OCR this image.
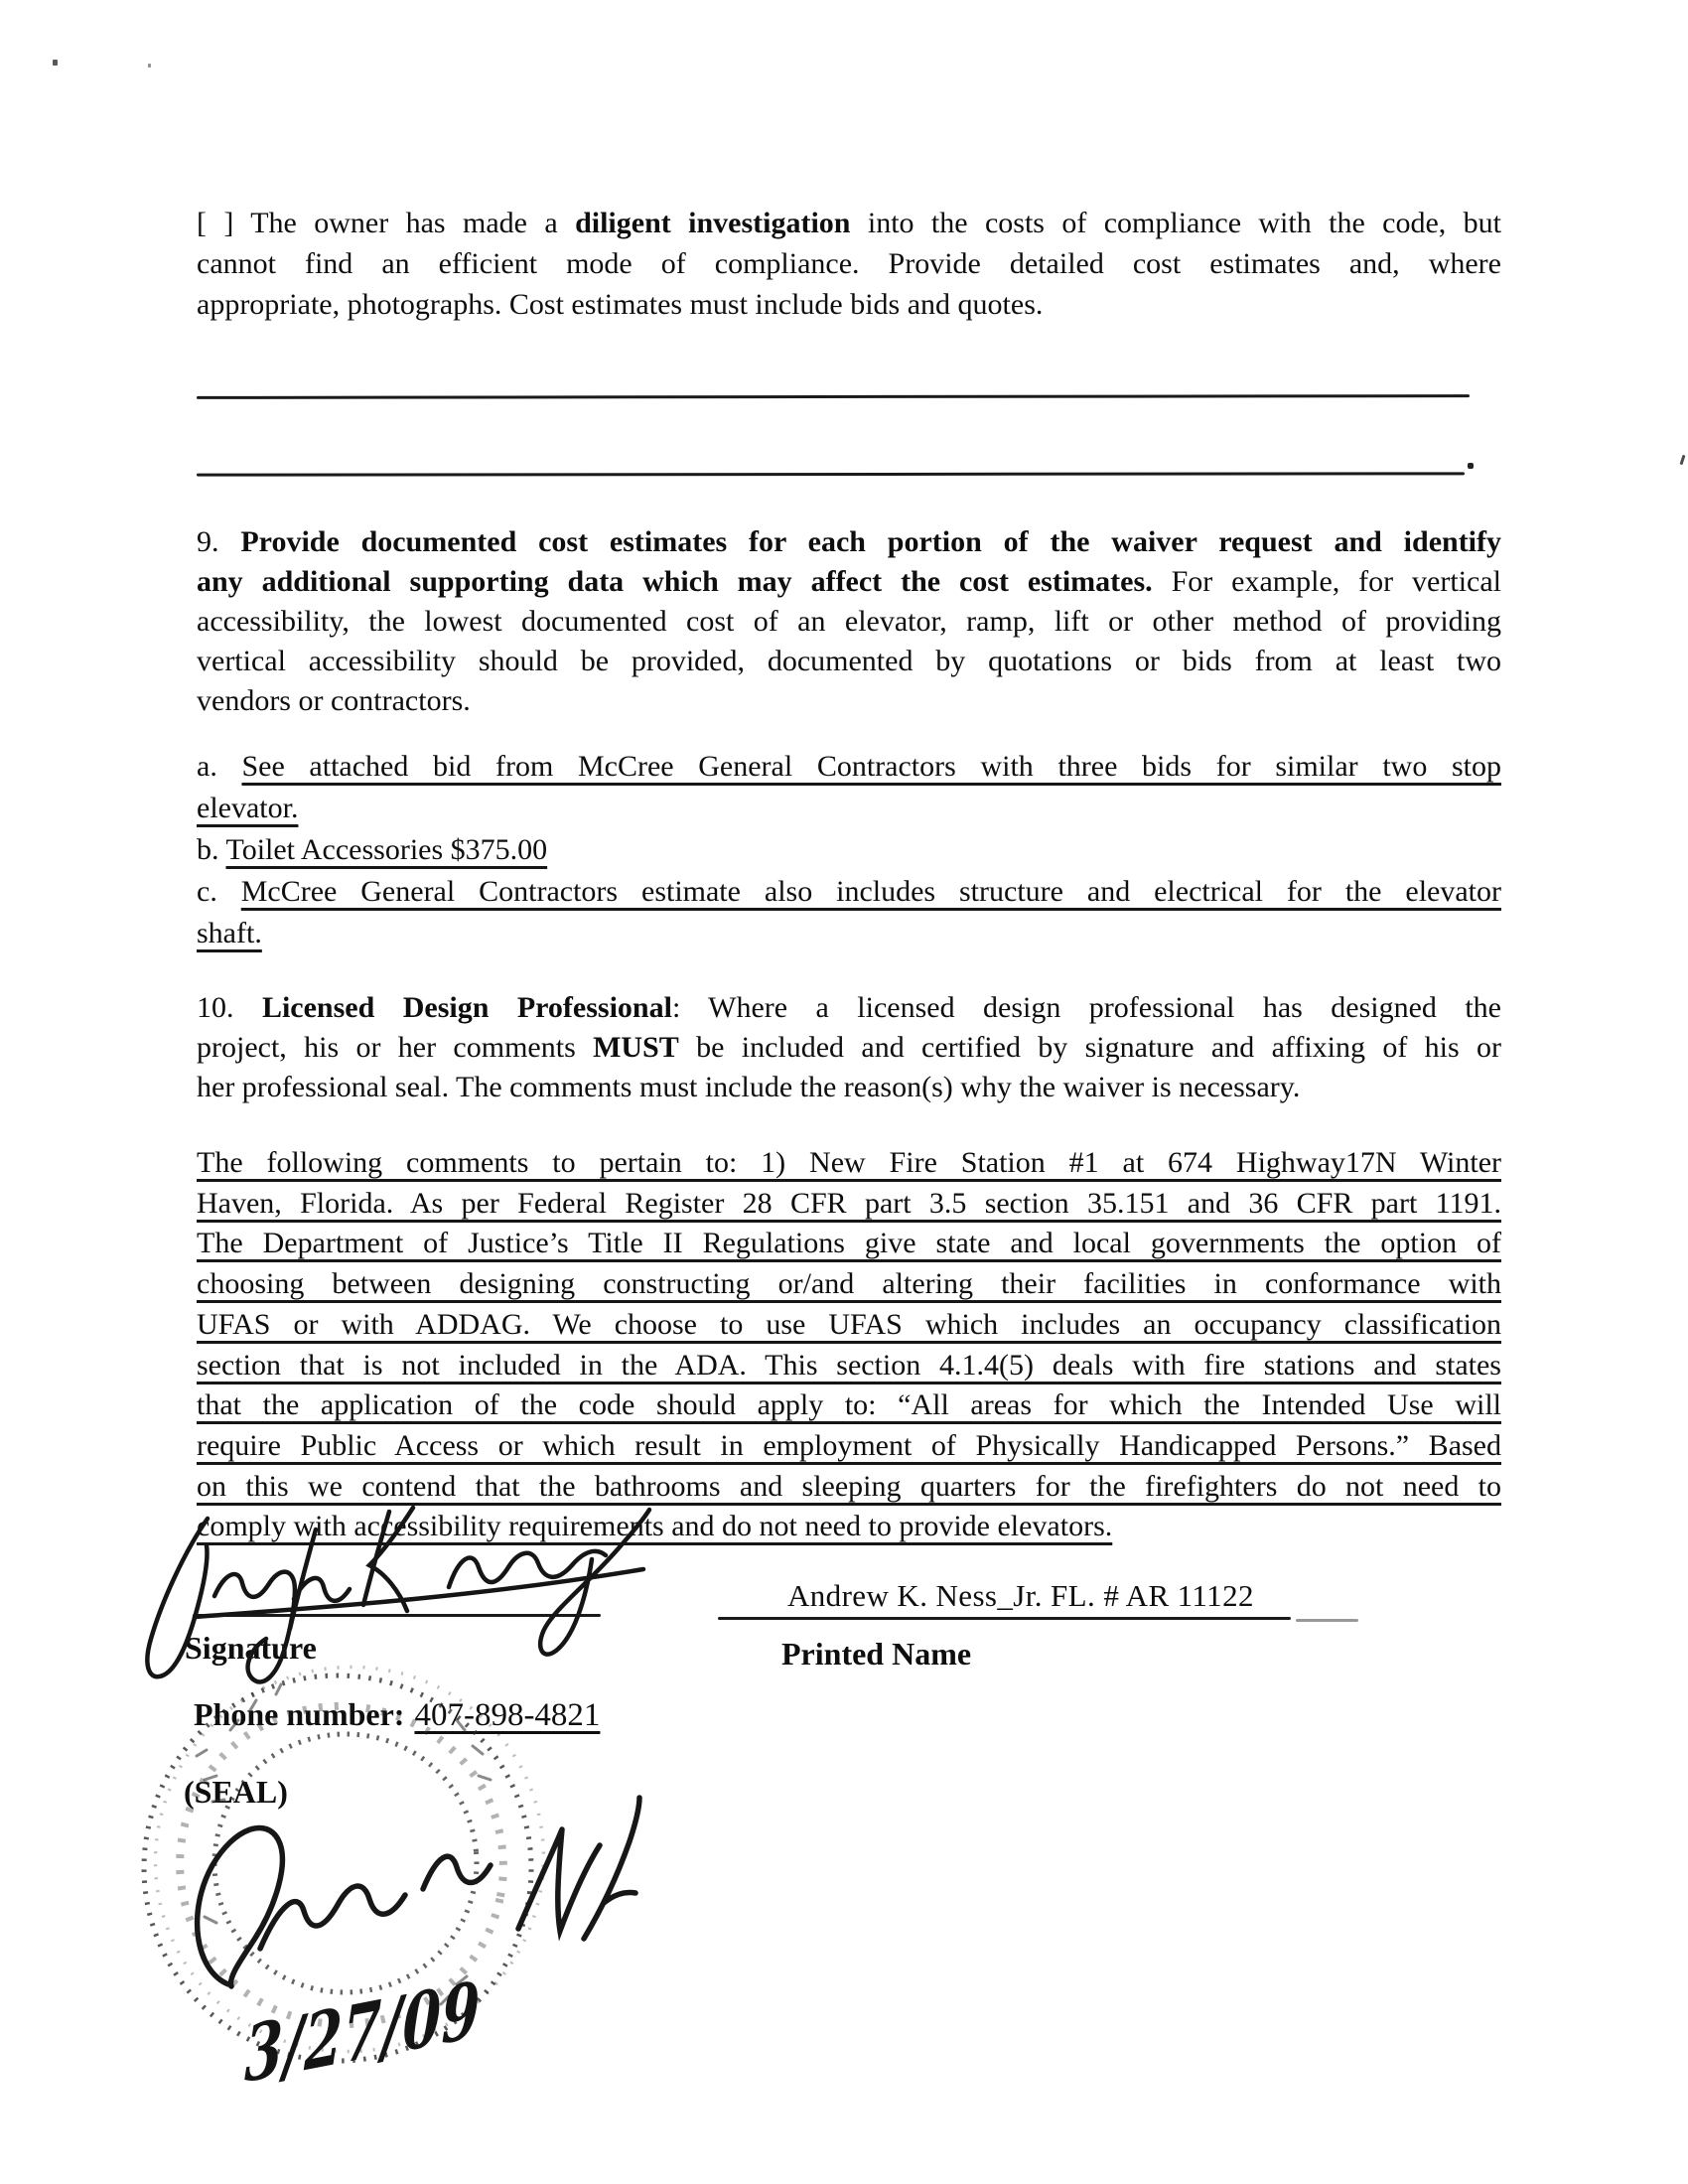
[ ] The owner has made a diligent investigation into the costs of compliance with the code, but
cannot find an efficient mode of compliance. Provide detailed cost estimates and, where
appropriate, photographs. Cost estimates must include bids and quotes.
9. Provide documented cost estimates for each portion of the waiver request and identify
any additional supporting data which may affect the cost estimates. For example, for vertical
accessibility, the lowest documented cost of an elevator, ramp, lift or other method of providing
vertical accessibility should be provided, documented by quotations or bids from at least two
vendors or contractors.
a. See attached bid from McCree General Contractors with three bids for similar two stop
elevator.
b. Toilet Accessories $375.00
c. McCree General Contractors estimate also includes structure and electrical for the elevator
shaft.
10. Licensed Design Professional: Where a licensed design professional has designed the
project, his or her comments MUST be included and certified by signature and affixing of his or
her professional seal. The comments must include the reason(s) why the waiver is necessary.
The following comments to pertain to: 1) New Fire Station #1 at 674 Highway17N Winter
Haven, Florida. As per Federal Register 28 CFR part 3.5 section 35.151 and 36 CFR part 1191.
The Department of Justice’s Title II Regulations give state and local governments the option of
choosing between designing constructing or/and altering their facilities in conformance with
UFAS or with ADDAG. We choose to use UFAS which includes an occupancy classification
section that is not included in the ADA. This section 4.1.4(5) deals with fire stations and states
that the application of the code should apply to: “All areas for which the Intended Use will
require Public Access or which result in employment of Physically Handicapped Persons.” Based
on this we contend that the bathrooms and sleeping quarters for the firefighters do not need to
comply with accessibility requirements and do not need to provide elevators.
Signature
Andrew K. Ness_Jr. FL. # AR 11122
Printed Name
Phone number: 407-898-4821
(SEAL)
3/27/09
